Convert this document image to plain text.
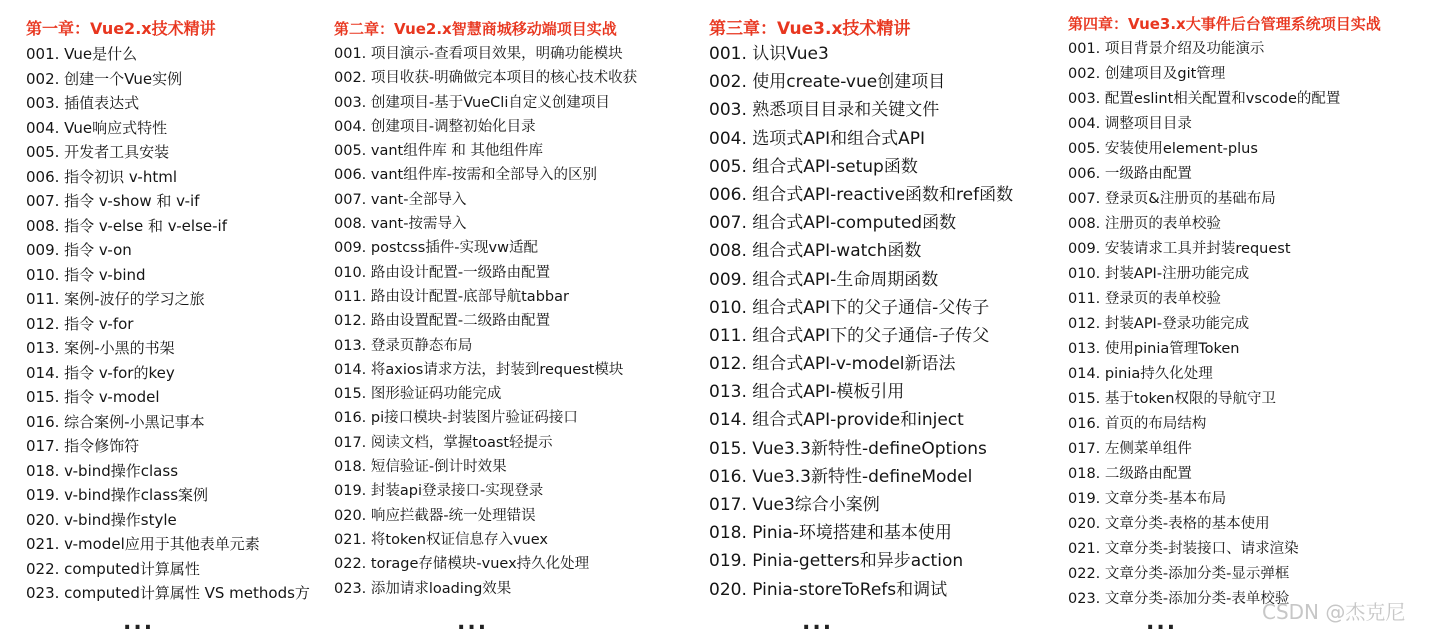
第一章：Vue2.x技术精讲
001. Vue是什么
002. 创建一个Vue实例
003. 插值表达式
004. Vue响应式特性
005. 开发者工具安装
006. 指令初识 v-html
007. 指令 v-show 和 v-if
008. 指令 v-else 和 v-else-if
009. 指令 v-on
010. 指令 v-bind
011. 案例-波仔的学习之旅
012. 指令 v-for
013. 案例-小黑的书架
014. 指令 v-for的key
015. 指令 v-model
016. 综合案例-小黑记事本
017. 指令修饰符
018. v-bind操作class
019. v-bind操作class案例
020. v-bind操作style
021. v-model应用于其他表单元素
022. computed计算属性
023. computed计算属性 VS methods方
第二章：Vue2.x智慧商城移动端项目实战
001. 项目演示-查看项目效果，明确功能模块
002. 项目收获-明确做完本项目的核心技术收获
003. 创建项目-基于VueCli自定义创建项目
004. 创建项目-调整初始化目录
005. vant组件库 和 其他组件库
006. vant组件库-按需和全部导入的区别
007. vant-全部导入
008. vant-按需导入
009. postcss插件-实现vw适配
010. 路由设计配置-一级路由配置
011. 路由设计配置-底部导航tabbar
012. 路由设置配置-二级路由配置
013. 登录页静态布局
014. 将axios请求方法，封装到request模块
015. 图形验证码功能完成
016. pi接口模块-封装图片验证码接口
017. 阅读文档，掌握toast轻提示
018. 短信验证-倒计时效果
019. 封装api登录接口-实现登录
020. 响应拦截器-统一处理错误
021. 将token权证信息存入vuex
022. torage存储模块-vuex持久化处理
023. 添加请求loading效果
第三章：Vue3.x技术精讲
001. 认识Vue3
002. 使用create-vue创建项目
003. 熟悉项目目录和关键文件
004. 选项式API和组合式API
005. 组合式API-setup函数
006. 组合式API-reactive函数和ref函数
007. 组合式API-computed函数
008. 组合式API-watch函数
009. 组合式API-生命周期函数
010. 组合式API下的父子通信-父传子
011. 组合式API下的父子通信-子传父
012. 组合式API-v-model新语法
013. 组合式API-模板引用
014. 组合式API-provide和inject
015. Vue3.3新特性-defineOptions
016. Vue3.3新特性-defineModel
017. Vue3综合小案例
018. Pinia-环境搭建和基本使用
019. Pinia-getters和异步action
020. Pinia-storeToRefs和调试
第四章：Vue3.x大事件后台管理系统项目实战
001. 项目背景介绍及功能演示
002. 创建项目及git管理
003. 配置eslint相关配置和vscode的配置
004. 调整项目目录
005. 安装使用element-plus
006. 一级路由配置
007. 登录页&注册页的基础布局
008. 注册页的表单校验
009. 安装请求工具并封装request
010. 封装API-注册功能完成
011. 登录页的表单校验
012. 封装API-登录功能完成
013. 使用pinia管理Token
014. pinia持久化处理
015. 基于token权限的导航守卫
016. 首页的布局结构
017. 左侧菜单组件
018. 二级路由配置
019. 文章分类-基本布局
020. 文章分类-表格的基本使用
021. 文章分类-封装接口、请求渲染
022. 文章分类-添加分类-显示弹框
023. 文章分类-添加分类-表单校验
...	...	...	...	CSDN @杰克尼
